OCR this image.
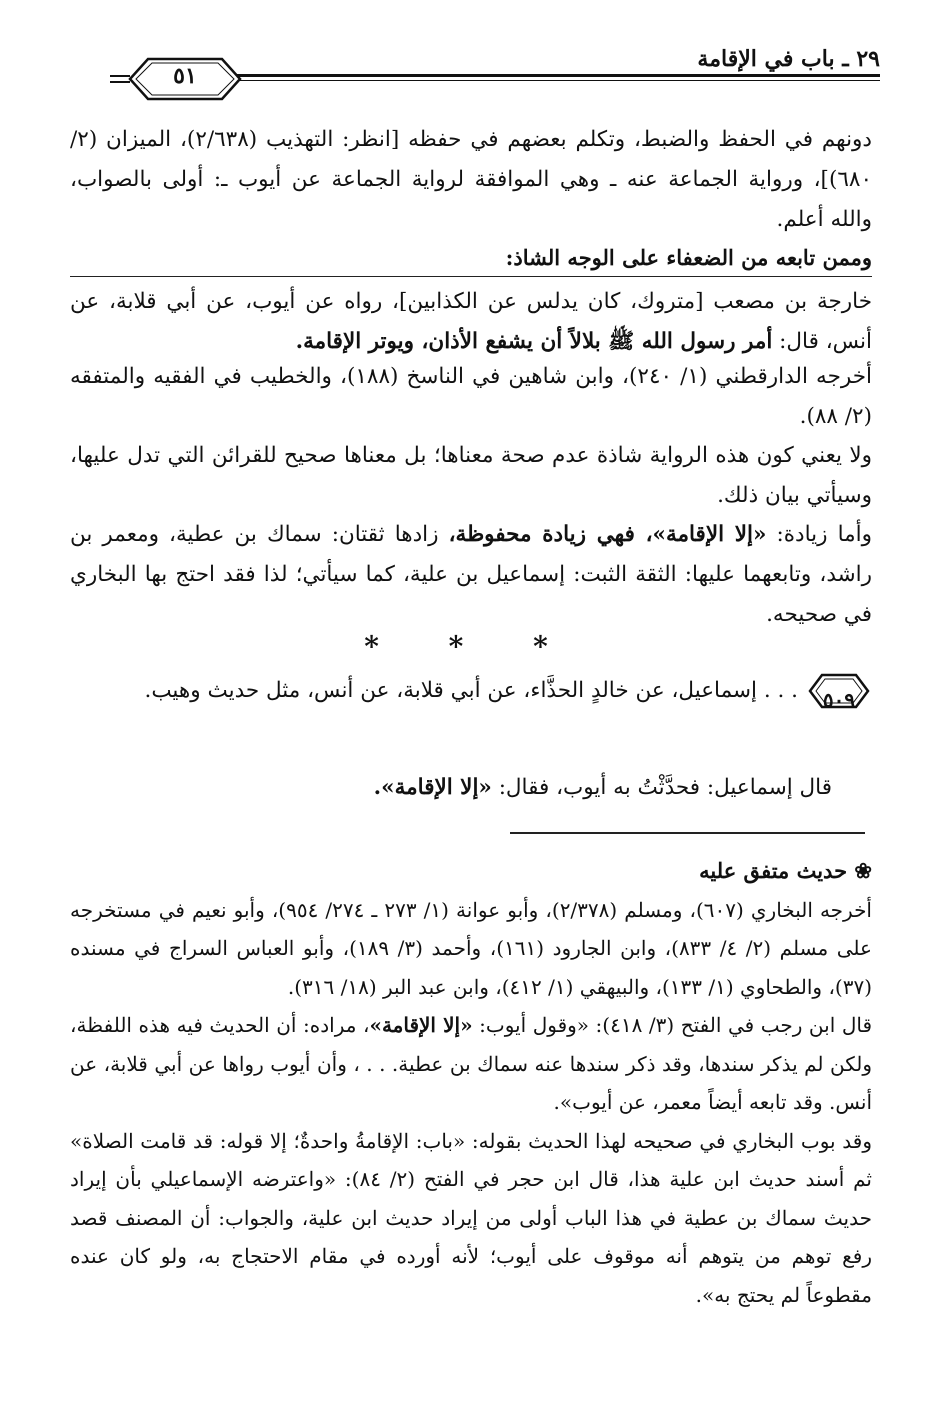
٢٩ ـ باب في الإقامة
٥١

دونهم في الحفظ والضبط، وتكلم بعضهم في حفظه [انظر: التهذيب (٢/٦٣٨)، الميزان (٢/ ٦٨٠)]، ورواية الجماعة عنه ـ وهي الموافقة لرواية الجماعة عن أيوب ـ: أولى بالصواب، والله أعلم.

وممن تابعه من الضعفاء على الوجه الشاذ:

خارجة بن مصعب [متروك، كان يدلس عن الكذابين]، رواه عن أيوب، عن أبي قلابة، عن أنس، قال: أمر رسول الله ﷺ بلالاً أن يشفع الأذان، ويوتر الإقامة.

أخرجه الدارقطني (١/ ٢٤٠)، وابن شاهين في الناسخ (١٨٨)، والخطيب في الفقيه والمتفقه (٢/ ٨٨).

ولا يعني كون هذه الرواية شاذة عدم صحة معناها؛ بل معناها صحيح للقرائن التي تدل عليها، وسيأتي بيان ذلك.

وأما زيادة: «إلا الإقامة»، فهي زيادة محفوظة، زادها ثقتان: سماك بن عطية، ومعمر بن راشد، وتابعهما عليها: الثقة الثبت: إسماعيل بن علية، كما سيأتي؛ لذا فقد احتج بها البخاري في صحيحه.

* * *

٥٠٩
. . . إسماعيل، عن خالدٍ الحذَّاء، عن أبي قلابة، عن أنس، مثل حديث وهيب.

قال إسماعيل: فحدَّثْتُ به أيوب، فقال: «إلا الإقامة».

❀ حديث متفق عليه

أخرجه البخاري (٦٠٧)، ومسلم (٢/٣٧٨)، وأبو عوانة (١/ ٢٧٣ ـ ٢٧٤/ ٩٥٤)، وأبو نعيم في مستخرجه على مسلم (٢/ ٤/ ٨٣٣)، وابن الجارود (١٦١)، وأحمد (٣/ ١٨٩)، وأبو العباس السراج في مسنده (٣٧)، والطحاوي (١/ ١٣٣)، والبيهقي (١/ ٤١٢)، وابن عبد البر (١٨/ ٣١٦).

قال ابن رجب في الفتح (٣/ ٤١٨): «وقول أيوب: «إلا الإقامة»، مراده: أن الحديث فيه هذه اللفظة، ولكن لم يذكر سندها، وقد ذكر سندها عنه سماك بن عطية. . . ، وأن أيوب رواها عن أبي قلابة، عن أنس. وقد تابعه أيضاً معمر، عن أيوب».

وقد بوب البخاري في صحيحه لهذا الحديث بقوله: «باب: الإقامةُ واحدةٌ؛ إلا قوله: قد قامت الصلاة» ثم أسند حديث ابن علية هذا، قال ابن حجر في الفتح (٢/ ٨٤): «واعترضه الإسماعيلي بأن إيراد حديث سماك بن عطية في هذا الباب أولى من إيراد حديث ابن علية، والجواب: أن المصنف قصد رفع توهم من يتوهم أنه موقوف على أيوب؛ لأنه أورده في مقام الاحتجاج به، ولو كان عنده مقطوعاً لم يحتج به».
